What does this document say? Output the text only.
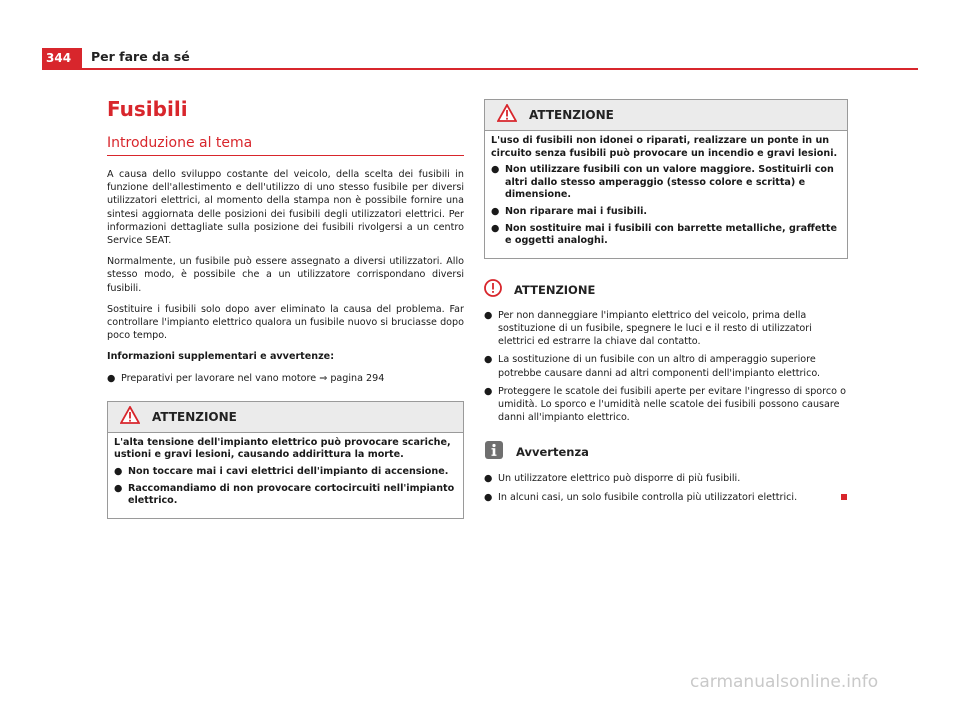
344	Per fare da sé
Fusibili
Introduzione al tema

A causa dello sviluppo costante del veicolo, della scelta dei fusibili in funzione dell'allestimento e dell'utilizzo di uno stesso fusibile per diversi utilizzatori elettrici, al momento della stampa non è possibile fornire una sintesi aggiornata delle posizioni dei fusibili degli utilizzatori elettrici. Per informazioni dettagliate sulla posizione dei fusibili rivolgersi a un centro Service SEAT.

Normalmente, un fusibile può essere assegnato a diversi utilizzatori. Allo stesso modo, è possibile che a un utilizzatore corrispondano diversi fusibili.

Sostituire i fusibili solo dopo aver eliminato la causa del problema. Far controllare l'impianto elettrico qualora un fusibile nuovo si bruciasse dopo poco tempo.

Informazioni supplementari e avvertenze:

● Preparativi per lavorare nel vano motore ⇒ pagina 294
ATTENZIONE

L'alta tensione dell'impianto elettrico può provocare scariche, ustioni e gravi lesioni, causando addirittura la morte.

● Non toccare mai i cavi elettrici dell'impianto di accensione.
● Raccomandiamo di non provocare cortocircuiti nell'impianto elettrico.
ATTENZIONE

L'uso di fusibili non idonei o riparati, realizzare un ponte in un circuito senza fusibili può provocare un incendio e gravi lesioni.

● Non utilizzare fusibili con un valore maggiore. Sostituirli con altri dallo stesso amperaggio (stesso colore e scritta) e dimensione.
● Non riparare mai i fusibili.
● Non sostituire mai i fusibili con barrette metalliche, graffette e oggetti analoghi.
ATTENZIONE
● Per non danneggiare l'impianto elettrico del veicolo, prima della sostituzione di un fusibile, spegnere le luci e il resto di utilizzatori elettrici ed estrarre la chiave dal contatto.
● La sostituzione di un fusibile con un altro di amperaggio superiore potrebbe causare danni ad altri componenti dell'impianto elettrico.
● Proteggere le scatole dei fusibili aperte per evitare l'ingresso di sporco o umidità. Lo sporco e l'umidità nelle scatole dei fusibili possono causare danni all'impianto elettrico.
Avvertenza
● Un utilizzatore elettrico può disporre di più fusibili.
● In alcuni casi, un solo fusibile controlla più utilizzatori elettrici.
carmanualsonline.info
